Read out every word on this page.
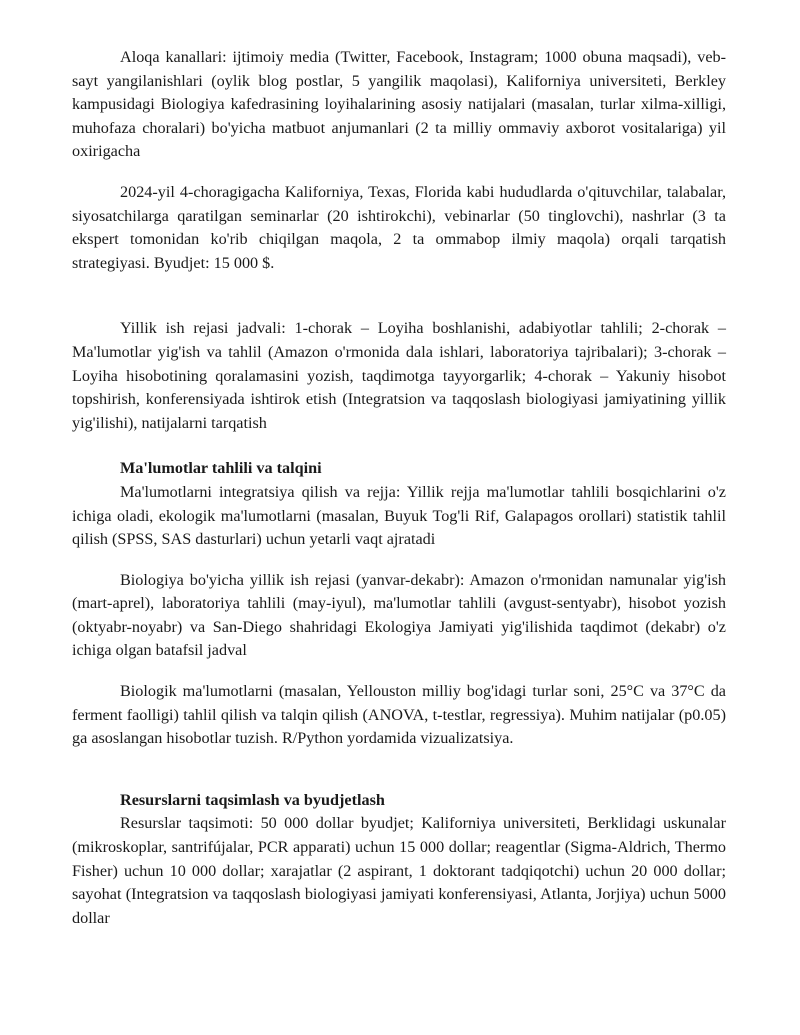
Aloqa kanallari: ijtimoiy media (Twitter, Facebook, Instagram; 1000 obuna maqsadi), veb-sayt yangilanishlari (oylik blog postlar, 5 yangilik maqolasi), Kaliforniya universiteti, Berkley kampusidagi Biologiya kafedrasining loyihalarining asosiy natijalari (masalan, turlar xilma-xilligi, muhofaza choralari) bo'yicha matbuot anjumanlari (2 ta milliy ommaviy axborot vositalariga) yil oxirigacha

2024-yil 4-choragigacha Kaliforniya, Texas, Florida kabi hududlarda o'qituvchilar, talabalar, siyosatchilarga qaratilgan seminarlar (20 ishtirokchi), vebinarlar (50 tinglovchi), nashrlar (3 ta ekspert tomonidan ko'rib chiqilgan maqola, 2 ta ommabop ilmiy maqola) orqali tarqatish strategiyasi. Byudjet: 15 000 $.

Yillik ish rejasi jadvali: 1-chorak – Loyiha boshlanishi, adabiyotlar tahlili; 2-chorak – Ma'lumotlar yig'ish va tahlil (Amazon o'rmonida dala ishlari, laboratoriya tajribalari); 3-chorak – Loyiha hisobotining qoralamasini yozish, taqdimotga tayyorgarlik; 4-chorak – Yakuniy hisobot topshirish, konferensiyada ishtirok etish (Integratsion va taqqoslash biologiyasi jamiyatining yillik yig'ilishi), natijalarni tarqatish

Ma'lumotlar tahlili va talqini

Ma'lumotlarni integratsiya qilish va rejja: Yillik rejja ma'lumotlar tahlili bosqichlarini o'z ichiga oladi, ekologik ma'lumotlarni (masalan, Buyuk Tog'li Rif, Galapagos orollari) statistik tahlil qilish (SPSS, SAS dasturlari) uchun yetarli vaqt ajratadi

Biologiya bo'yicha yillik ish rejasi (yanvar-dekabr): Amazon o'rmonidan namunalar yig'ish (mart-aprel), laboratoriya tahlili (may-iyul), ma'lumotlar tahlili (avgust-sentyabr), hisobot yozish (oktyabr-noyabr) va San-Diego shahridagi Ekologiya Jamiyati yig'ilishida taqdimot (dekabr) o'z ichiga olgan batafsil jadval

Biologik ma'lumotlarni (masalan, Yellouston milliy bog'idagi turlar soni, 25°C va 37°C da ferment faolligi) tahlil qilish va talqin qilish (ANOVA, t-testlar, regressiya). Muhim natijalar (p0.05) ga asoslangan hisobotlar tuzish. R/Python yordamida vizualizatsiya.

Resurslarni taqsimlash va byudjetlash

Resurslar taqsimoti: 50 000 dollar byudjet; Kaliforniya universiteti, Berklidagi uskunalar (mikroskoplar, santrifújalar, PCR apparati) uchun 15 000 dollar; reagentlar (Sigma-Aldrich, Thermo Fisher) uchun 10 000 dollar; xarajatlar (2 aspirant, 1 doktorant tadqiqotchi) uchun 20 000 dollar; sayohat (Integratsion va taqqoslash biologiyasi jamiyati konferensiyasi, Atlanta, Jorjiya) uchun 5000 dollar
